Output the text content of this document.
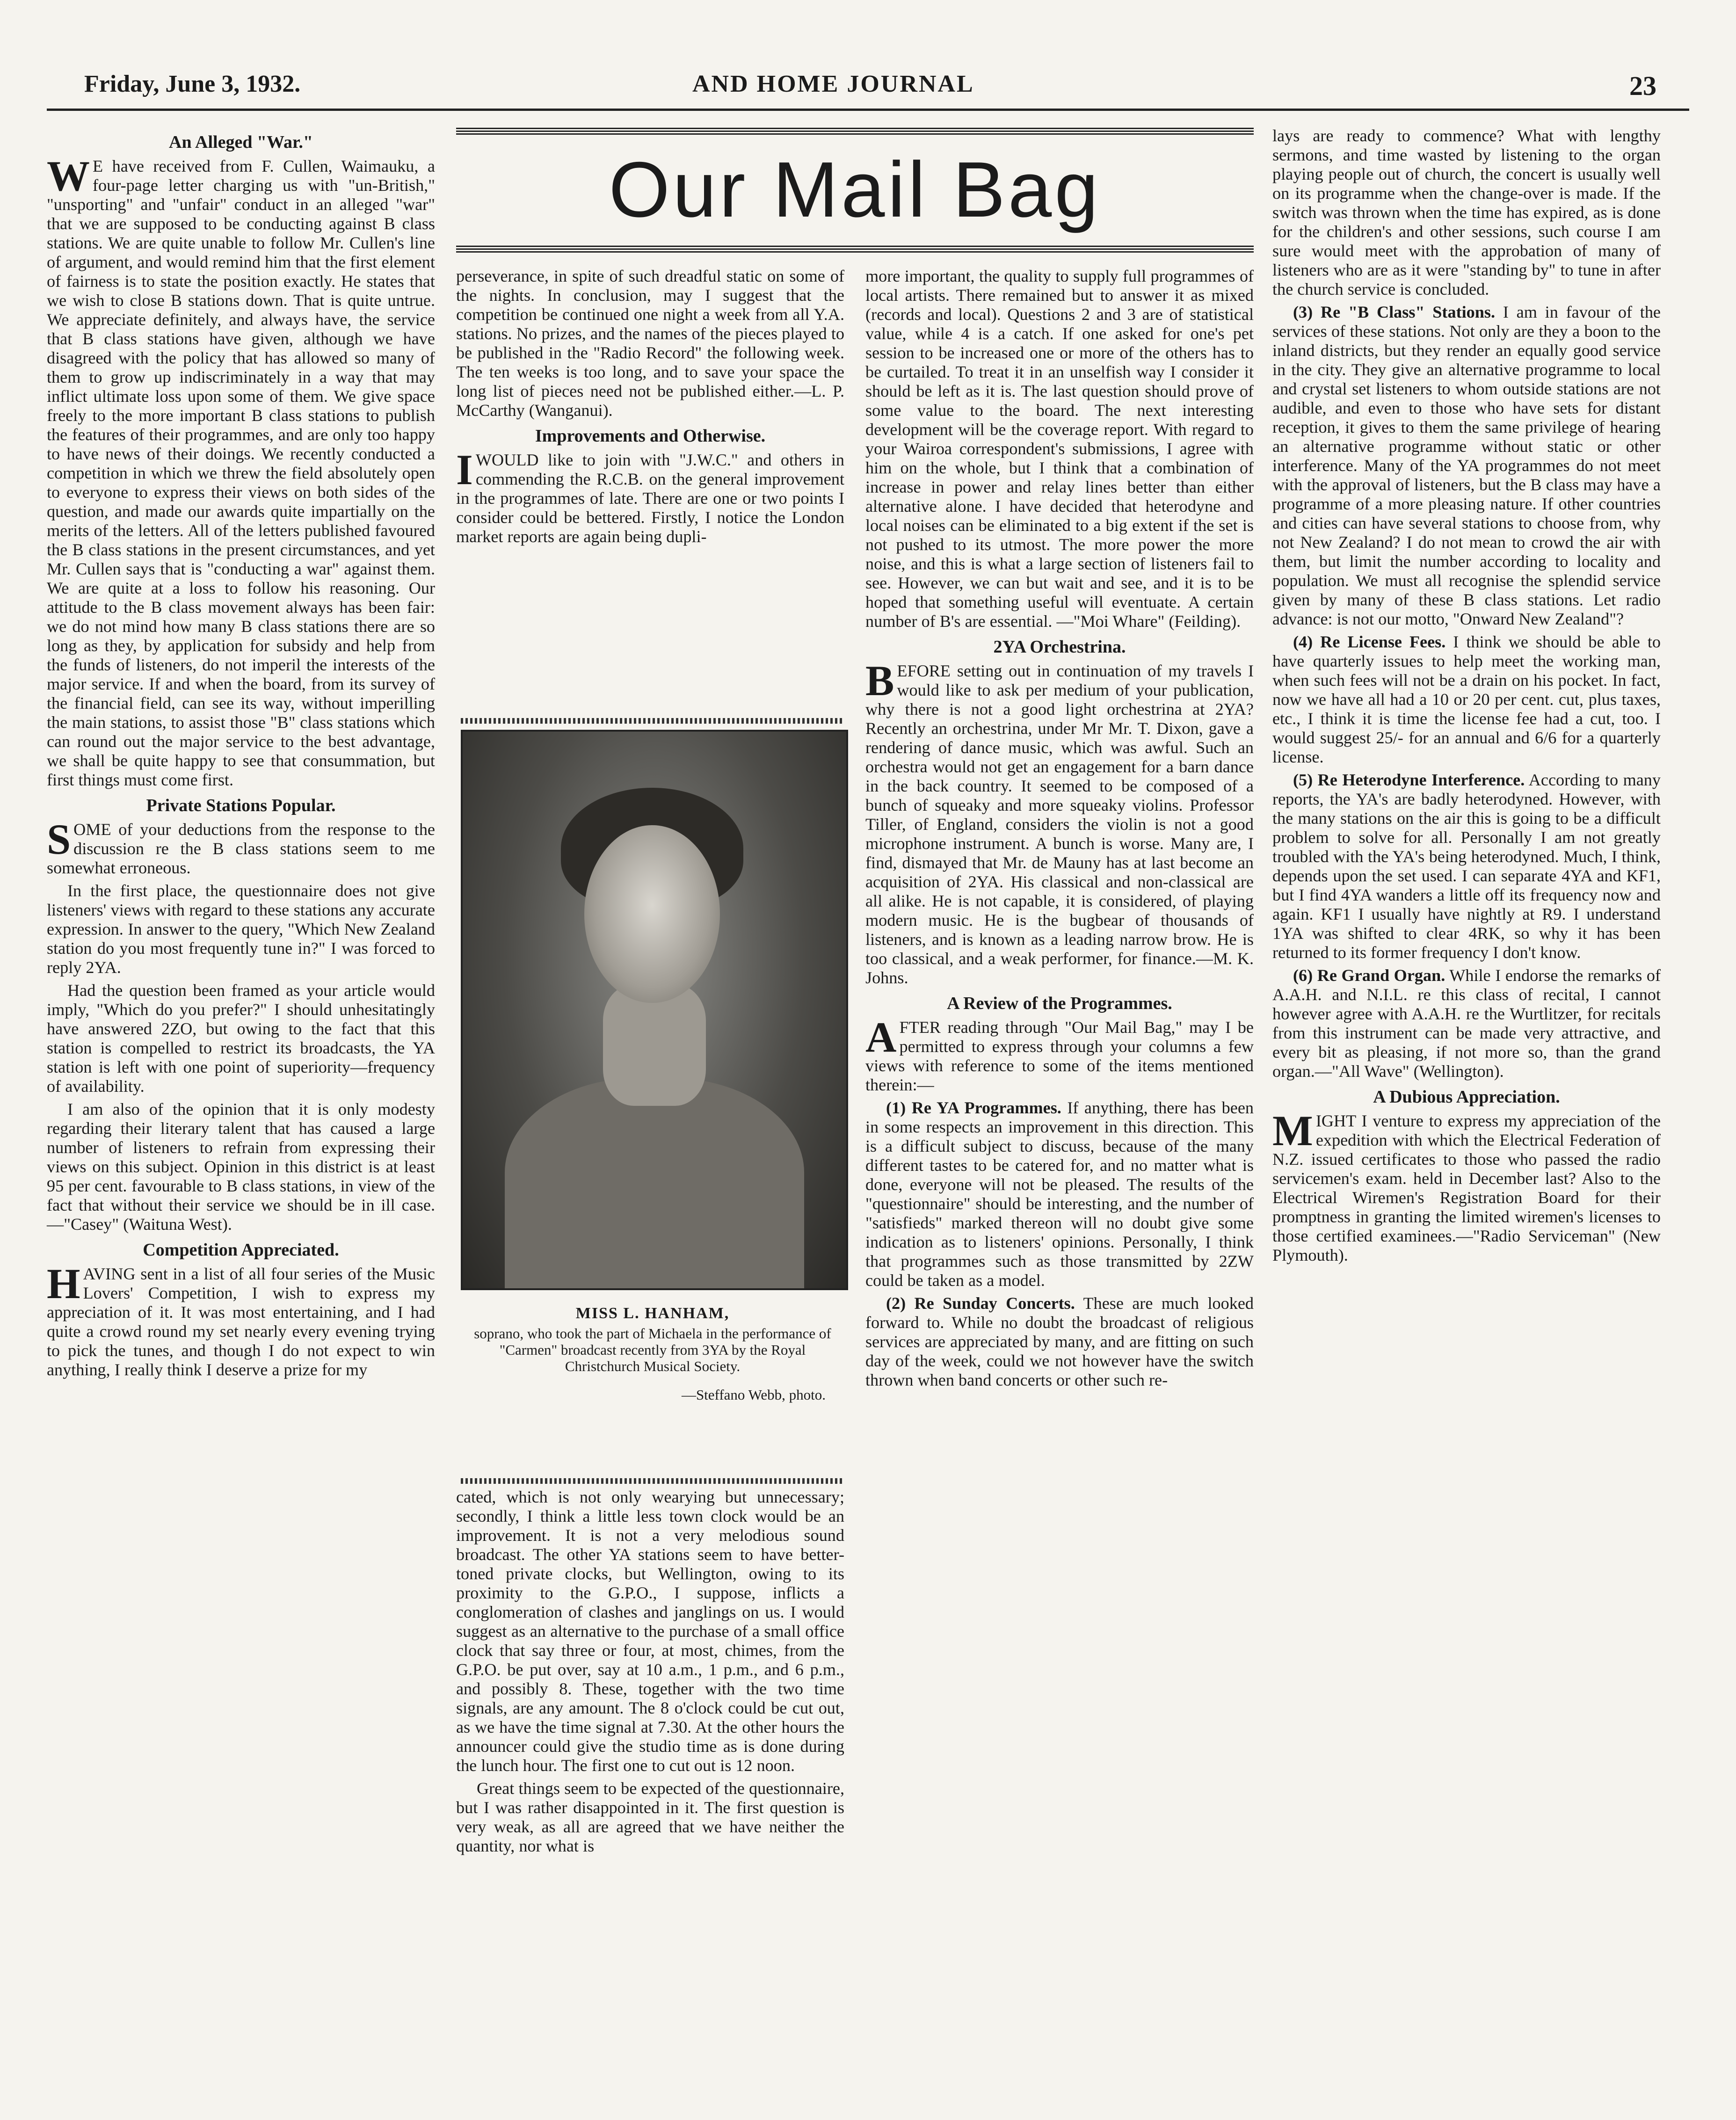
Friday, June 3, 1932.	AND HOME JOURNAL	23
An Alleged "War."

W E have received from F. Cullen, Waimauku, a four-page letter charging us with "un-British," "unsporting" and "unfair" conduct in an alleged "war" that we are supposed to be conducting against B class stations. We are quite unable to follow Mr. Cullen's line of argument, and would remind him that the first element of fairness is to state the position exactly. He states that we wish to close B stations down. That is quite untrue. We appreciate definitely, and always have, the service that B class stations have given, although we have disagreed with the policy that has allowed so many of them to grow up indiscriminately in a way that may inflict ultimate loss upon some of them. We give space freely to the more important B class stations to publish the features of their programmes, and are only too happy to have news of their doings. We recently conducted a competition in which we threw the field absolutely open to everyone to express their views on both sides of the question, and made our awards quite impartially on the merits of the letters. All of the letters published favoured the B class stations in the present circumstances, and yet Mr. Cullen says that is "conducting a war" against them. We are quite at a loss to follow his reasoning. Our attitude to the B class movement always has been fair: we do not mind how many B class stations there are so long as they, by application for subsidy and help from the funds of listeners, do not imperil the interests of the major service. If and when the board, from its survey of the financial field, can see its way, without imperilling the main stations, to assist those "B" class stations which can round out the major service to the best advantage, we shall be quite happy to see that consummation, but first things must come first.

Private Stations Popular.

SOME of your deductions from the response to the discussion re the B class stations seem to me somewhat erroneous.

In the first place, the questionnaire does not give listeners' views with regard to these stations any accurate expression. In answer to the query, "Which New Zealand station do you most frequently tune in?" I was forced to reply 2YA.

Had the question been framed as your article would imply, "Which do you prefer?" I should unhesitatingly have answered 2ZO, but owing to the fact that this station is compelled to restrict its broadcasts, the YA station is left with one point of superiority—frequency of availability.

I am also of the opinion that it is only modesty regarding their literary talent that has caused a large number of listeners to refrain from expressing their views on this subject. Opinion in this district is at least 95 per cent. favourable to B class stations, in view of the fact that without their service we should be in ill case.—"Casey" (Waituna West).

Competition Appreciated.

HAVING sent in a list of all four series of the Music Lovers' Competition, I wish to express my appreciation of it. It was most entertaining, and I had quite a crowd round my set nearly every evening trying to pick the tunes, and though I do not expect to win anything, I really think I deserve a prize for my

Our Mail Bag

perseverance, in spite of such dreadful static on some of the nights. In conclusion, may I suggest that the competition be continued one night a week from all Y.A. stations. No prizes, and the names of the pieces played to be published in the "Radio Record" the following week. The ten weeks is too long, and to save your space the long list of pieces need not be published either.—L. P. McCarthy (Wanganui).

Improvements and Otherwise.

I WOULD like to join with "J.W.C." and others in commending the R.C.B. on the general improvement in the programmes of late. There are one or two points I consider could be bettered. Firstly, I notice the London market reports are again being dupli-

MISS L. HANHAM,
soprano, who took the part of Michaela in the performance of "Carmen" broadcast recently from 3YA by the Royal Christchurch Musical Society.
—Steffano Webb, photo.

cated, which is not only wearying but unnecessary; secondly, I think a little less town clock would be an improvement. It is not a very melodious sound broadcast. The other YA stations seem to have better-toned private clocks, but Wellington, owing to its proximity to the G.P.O., I suppose, inflicts a conglomeration of clashes and janglings on us. I would suggest as an alternative to the purchase of a small office clock that say three or four, at most, chimes, from the G.P.O. be put over, say at 10 a.m., 1 p.m., and 6 p.m., and possibly 8. These, together with the two time signals, are any amount. The 8 o'clock could be cut out, as we have the time signal at 7.30. At the other hours the announcer could give the studio time as is done during the lunch hour. The first one to cut out is 12 noon.

Great things seem to be expected of the questionnaire, but I was rather disappointed in it. The first question is very weak, as all are agreed that we have neither the quantity, nor what is

more important, the quality to supply full programmes of local artists. There remained but to answer it as mixed (records and local). Questions 2 and 3 are of statistical value, while 4 is a catch. If one asked for one's pet session to be increased one or more of the others has to be curtailed. To treat it in an unselfish way I consider it should be left as it is. The last question should prove of some value to the board. The next interesting development will be the coverage report. With regard to your Wairoa correspondent's submissions, I agree with him on the whole, but I think that a combination of increase in power and relay lines better than either alternative alone. I have decided that heterodyne and local noises can be eliminated to a big extent if the set is not pushed to its utmost. The more power the more noise, and this is what a large section of listeners fail to see. However, we can but wait and see, and it is to be hoped that something useful will eventuate. A certain number of B's are essential. —"Moi Whare" (Feilding).

2YA Orchestrina.

BEFORE setting out in continuation of my travels I would like to ask per medium of your publication, why there is not a good light orchestrina at 2YA? Recently an orchestrina, under Mr Mr. T. Dixon, gave a rendering of dance music, which was awful. Such an orchestra would not get an engagement for a barn dance in the back country. It seemed to be composed of a bunch of squeaky and more squeaky violins. Professor Tiller, of England, considers the violin is not a good microphone instrument. A bunch is worse. Many are, I find, dismayed that Mr. de Mauny has at last become an acquisition of 2YA. His classical and non-classical are all alike. He is not capable, it is considered, of playing modern music. He is the bugbear of thousands of listeners, and is known as a leading narrow brow. He is too classical, and a weak performer, for finance.—M. K. Johns.

A Review of the Programmes.

AFTER reading through "Our Mail Bag," may I be permitted to express through your columns a few views with reference to some of the items mentioned therein:—

(1) Re YA Programmes. If anything, there has been in some respects an improvement in this direction. This is a difficult subject to discuss, because of the many different tastes to be catered for, and no matter what is done, everyone will not be pleased. The results of the "questionnaire" should be interesting, and the number of "satisfieds" marked thereon will no doubt give some indication as to listeners' opinions. Personally, I think that programmes such as those transmitted by 2ZW could be taken as a model.

(2) Re Sunday Concerts. These are much looked forward to. While no doubt the broadcast of religious services are appreciated by many, and are fitting on such day of the week, could we not however have the switch thrown when band concerts or other such re-

lays are ready to commence? What with lengthy sermons, and time wasted by listening to the organ playing people out of church, the concert is usually well on its programme when the change-over is made. If the switch was thrown when the time has expired, as is done for the children's and other sessions, such course I am sure would meet with the approbation of many of listeners who are as it were "standing by" to tune in after the church service is concluded.

(3) Re "B Class" Stations. I am in favour of the services of these stations. Not only are they a boon to the inland districts, but they render an equally good service in the city. They give an alternative programme to local and crystal set listeners to whom outside stations are not audible, and even to those who have sets for distant reception, it gives to them the same privilege of hearing an alternative programme without static or other interference. Many of the YA programmes do not meet with the approval of listeners, but the B class may have a programme of a more pleasing nature. If other countries and cities can have several stations to choose from, why not New Zealand? I do not mean to crowd the air with them, but limit the number according to locality and population. We must all recognise the splendid service given by many of these B class stations. Let radio advance: is not our motto, "Onward New Zealand"?

(4) Re License Fees. I think we should be able to have quarterly issues to help meet the working man, when such fees will not be a drain on his pocket. In fact, now we have all had a 10 or 20 per cent. cut, plus taxes, etc., I think it is time the license fee had a cut, too. I would suggest 25/- for an annual and 6/6 for a quarterly license.

(5) Re Heterodyne Interference. According to many reports, the YA's are badly heterodyned. However, with the many stations on the air this is going to be a difficult problem to solve for all. Personally I am not greatly troubled with the YA's being heterodyned. Much, I think, depends upon the set used. I can separate 4YA and KF1, but I find 4YA wanders a little off its frequency now and again. KF1 I usually have nightly at R9. I understand 1YA was shifted to clear 4RK, so why it has been returned to its former frequency I don't know.

(6) Re Grand Organ. While I endorse the remarks of A.A.H. and N.I.L. re this class of recital, I cannot however agree with A.A.H. re the Wurtlitzer, for recitals from this instrument can be made very attractive, and every bit as pleasing, if not more so, than the grand organ.—"All Wave" (Wellington).

A Dubious Appreciation.

MIGHT I venture to express my appreciation of the expedition with which the Electrical Federation of N.Z. issued certificates to those who passed the radio servicemen's exam. held in December last? Also to the Electrical Wiremen's Registration Board for their promptness in granting the limited wiremen's licenses to those certified examinees.—"Radio Serviceman" (New Plymouth).
